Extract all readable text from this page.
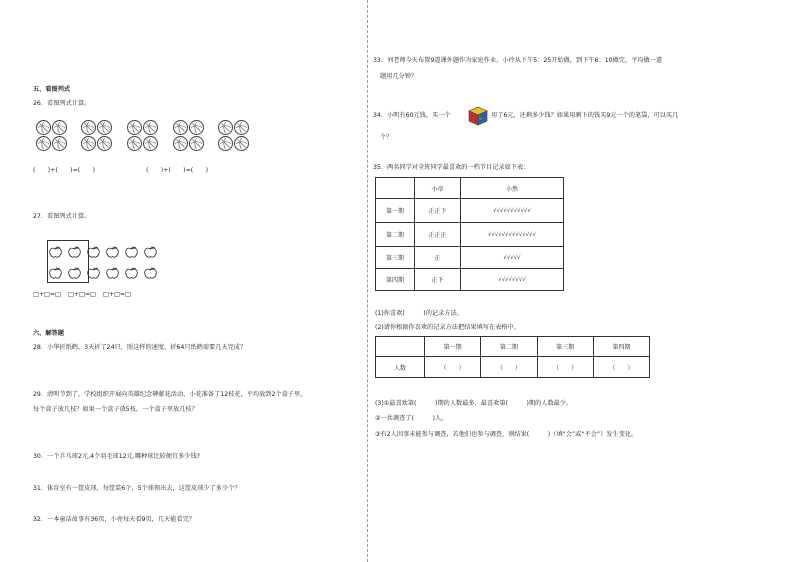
五、看图列式
26．看图列式计算。
(　　)+(　　)=(　　)	(　　)+(　　)=(　　)
27．看图列式计算。
□+□=□ □+□=□ □+□=□
六、解答题
28．小华折纸鹤，3天折了24只，照这样的速度，折64只纸鹤需要几天完成？
29．清明节到了，学校组织开展向英雄纪念碑献花活动，小花准备了12枝花，平均放到2个盒子里，
每个盒子放几枝？如果一个盒子放5枝，一个盒子里放几枝？
30．一个乒乓球2元,4个羽毛球12元,哪种球比较便宜多少钱?
31．体育室有一筐皮球，每筐装6个，5个球领出去，这筐皮球少了多少个？
32．一本童话故事有36页，小亮每天看9页，几天能看完？
33．刘老师今天布置9道课外题作为家庭作业，小玲从下午5：25开始做，到下午6：10做完，平均做一道
题用几分钟？
34．小明有60元钱，买一个	用了6元，还剩多少钱？如果用剩下的钱买9元一个的笔袋，可以买几
个？
35．两名同学对全班同学最喜欢的一档节目记录如下表：
	小帝	小然
第一期	正正下	√√√√√√√√√√√
第二期	正正正	√√√√√√√√√√√√√√
第三期	正	√√√√√
第四期	正下	√√√√√√√√
(1)你喜欢(　　　)的记录方法。
(2)请你根据你喜欢的记录方法把结果填写在表格中。
	第一期	第二期	第三期	第四期
人数	（　　）	（　　）	（　　）	（　　）
(3)①最喜欢第(　　　)期的人数最多，最喜欢第(　　　)期的人数最少。
②一共调查了(　　　)人。
③有2人因事未能参与调查，若他们也参与调查，则结果(　　　)（填“会”或“不会”）发生变化。
